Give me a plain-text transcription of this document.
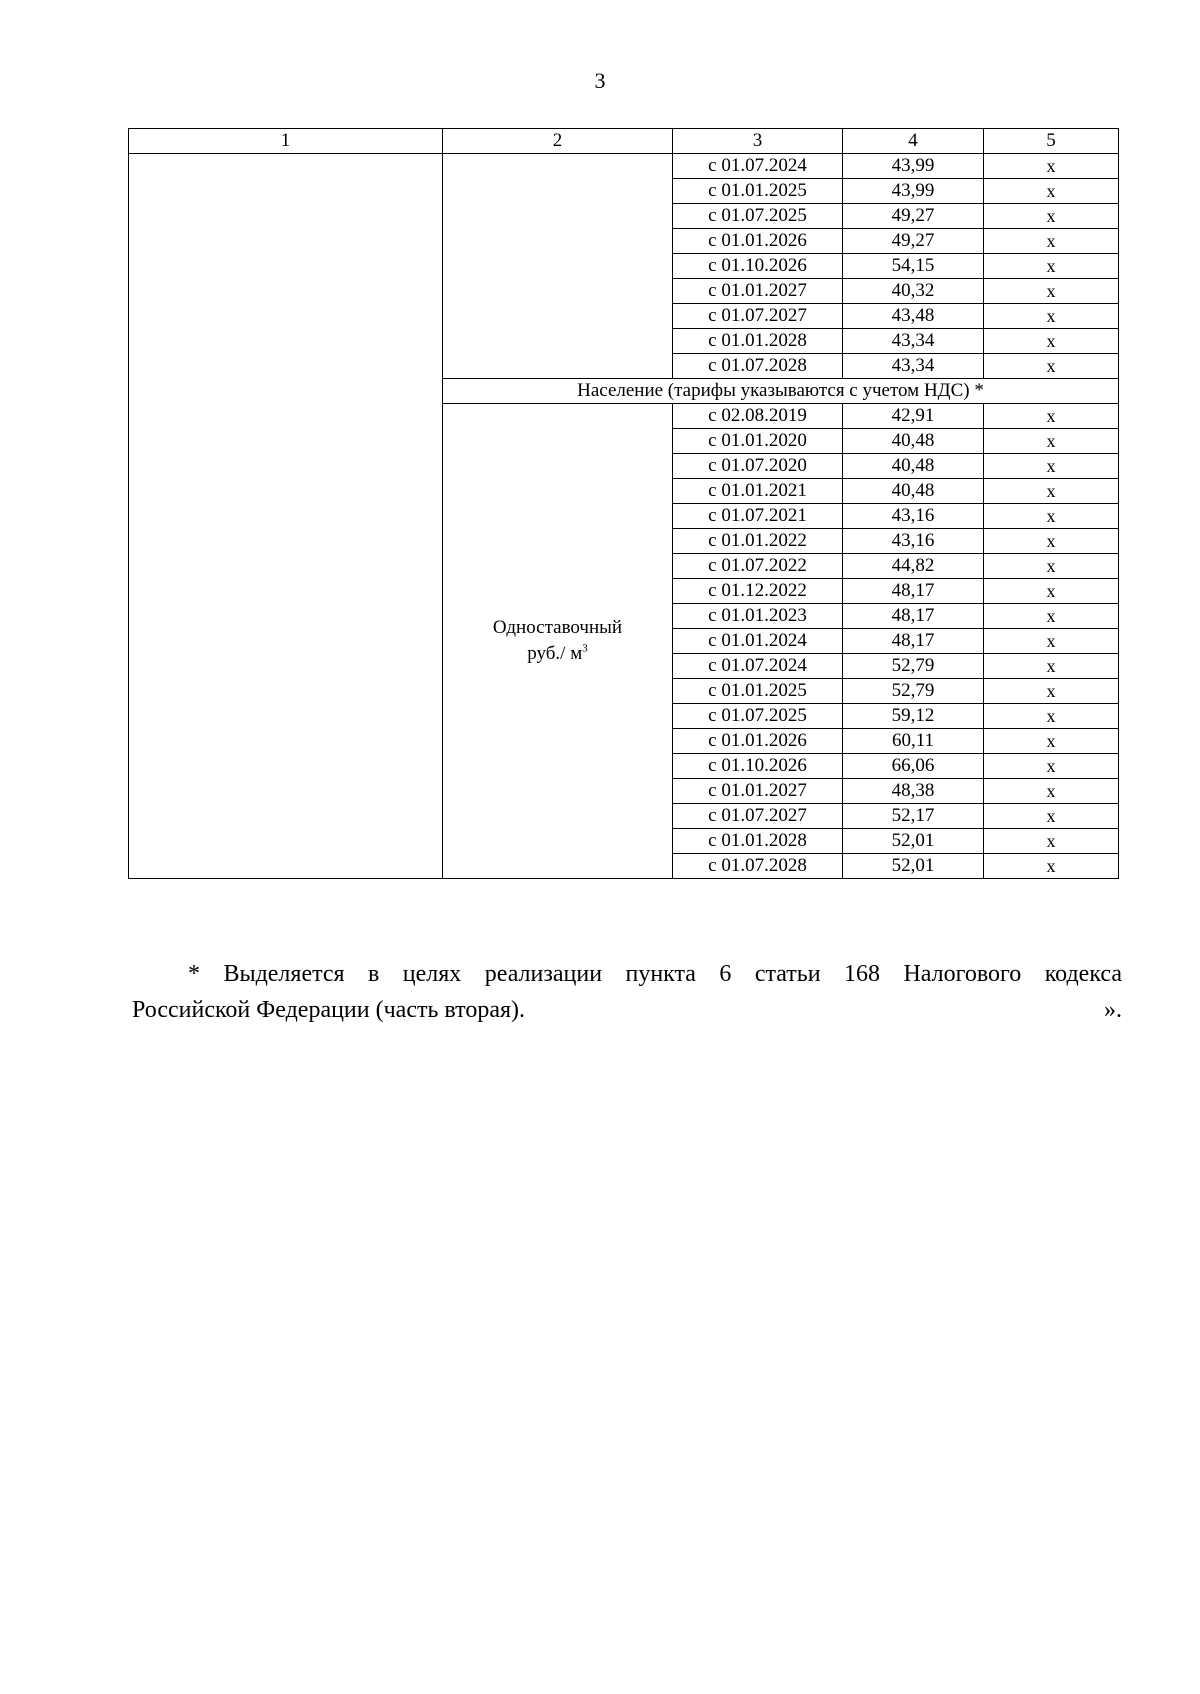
3
1	2	3	4	5
		с 01.07.2024	43,99	x
		с 01.01.2025	43,99	x
		с 01.07.2025	49,27	x
		с 01.01.2026	49,27	x
		с 01.10.2026	54,15	x
		с 01.01.2027	40,32	x
		с 01.07.2027	43,48	x
		с 01.01.2028	43,34	x
		с 01.07.2028	43,34	x
	Население (тарифы указываются с учетом НДС) *			

	Одноставочный
руб./ $м^3$	с 02.08.2019	42,91	x
		с 01.01.2020	40,48	x
		с 01.07.2020	40,48	x
		с 01.01.2021	40,48	x
		с 01.07.2021	43,16	x
		с 01.01.2022	43,16	x
		с 01.07.2022	44,82	x
		с 01.12.2022	48,17	x
		с 01.01.2023	48,17	x
		с 01.01.2024	48,17	x
		с 01.07.2024	52,79	x
		с 01.01.2025	52,79	x
		с 01.07.2025	59,12	x
		с 01.01.2026	60,11	x
		с 01.10.2026	66,06	x
		с 01.01.2027	48,38	x
		с 01.07.2027	52,17	x
		с 01.01.2028	52,01	x
		с 01.07.2028	52,01	x
* Выделяется в целях реализации пункта 6 статьи 168 Налогового кодекса
Российской Федерации (часть вторая).	».
